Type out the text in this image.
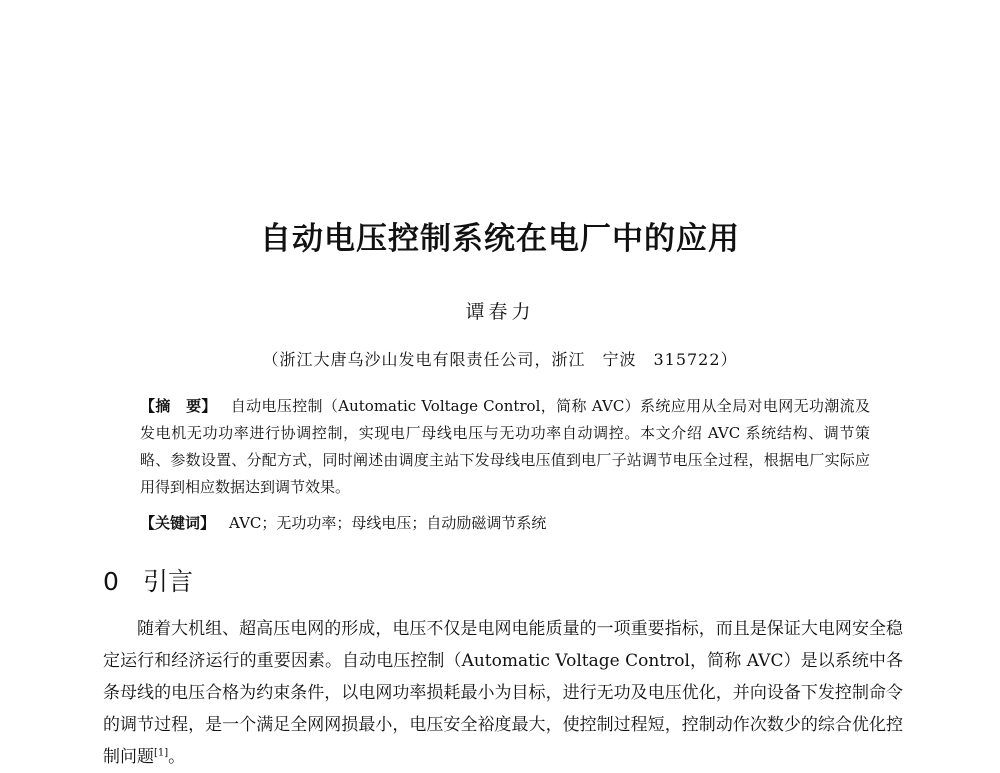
自动电压控制系统在电厂中的应用
谭春力
（浙江大唐乌沙山发电有限责任公司，浙江　宁波　315722）
【摘　要】 自动电压控制（Automatic Voltage Control，简称 AVC）系统应用从全局对电网无功潮流及发电机无功功率进行协调控制，实现电厂母线电压与无功功率自动调控。本文介绍 AVC 系统结构、调节策略、参数设置、分配方式，同时阐述由调度主站下发母线电压值到电厂子站调节电压全过程，根据电厂实际应用得到相应数据达到调节效果。
【关键词】 AVC；无功功率；母线电压；自动励磁调节系统
0 引言

随着大机组、超高压电网的形成，电压不仅是电网电能质量的一项重要指标，而且是保证大电网安全稳定运行和经济运行的重要因素。自动电压控制（Automatic Voltage Control，简称 AVC）是以系统中各条母线的电压合格为约束条件，以电网功率损耗最小为目标，进行无功及电压优化，并向设备下发控制命令的调节过程，是一个满足全网网损最小，电压安全裕度最大，使控制过程短，控制动作次数少的综合优化控制问题[1]。
